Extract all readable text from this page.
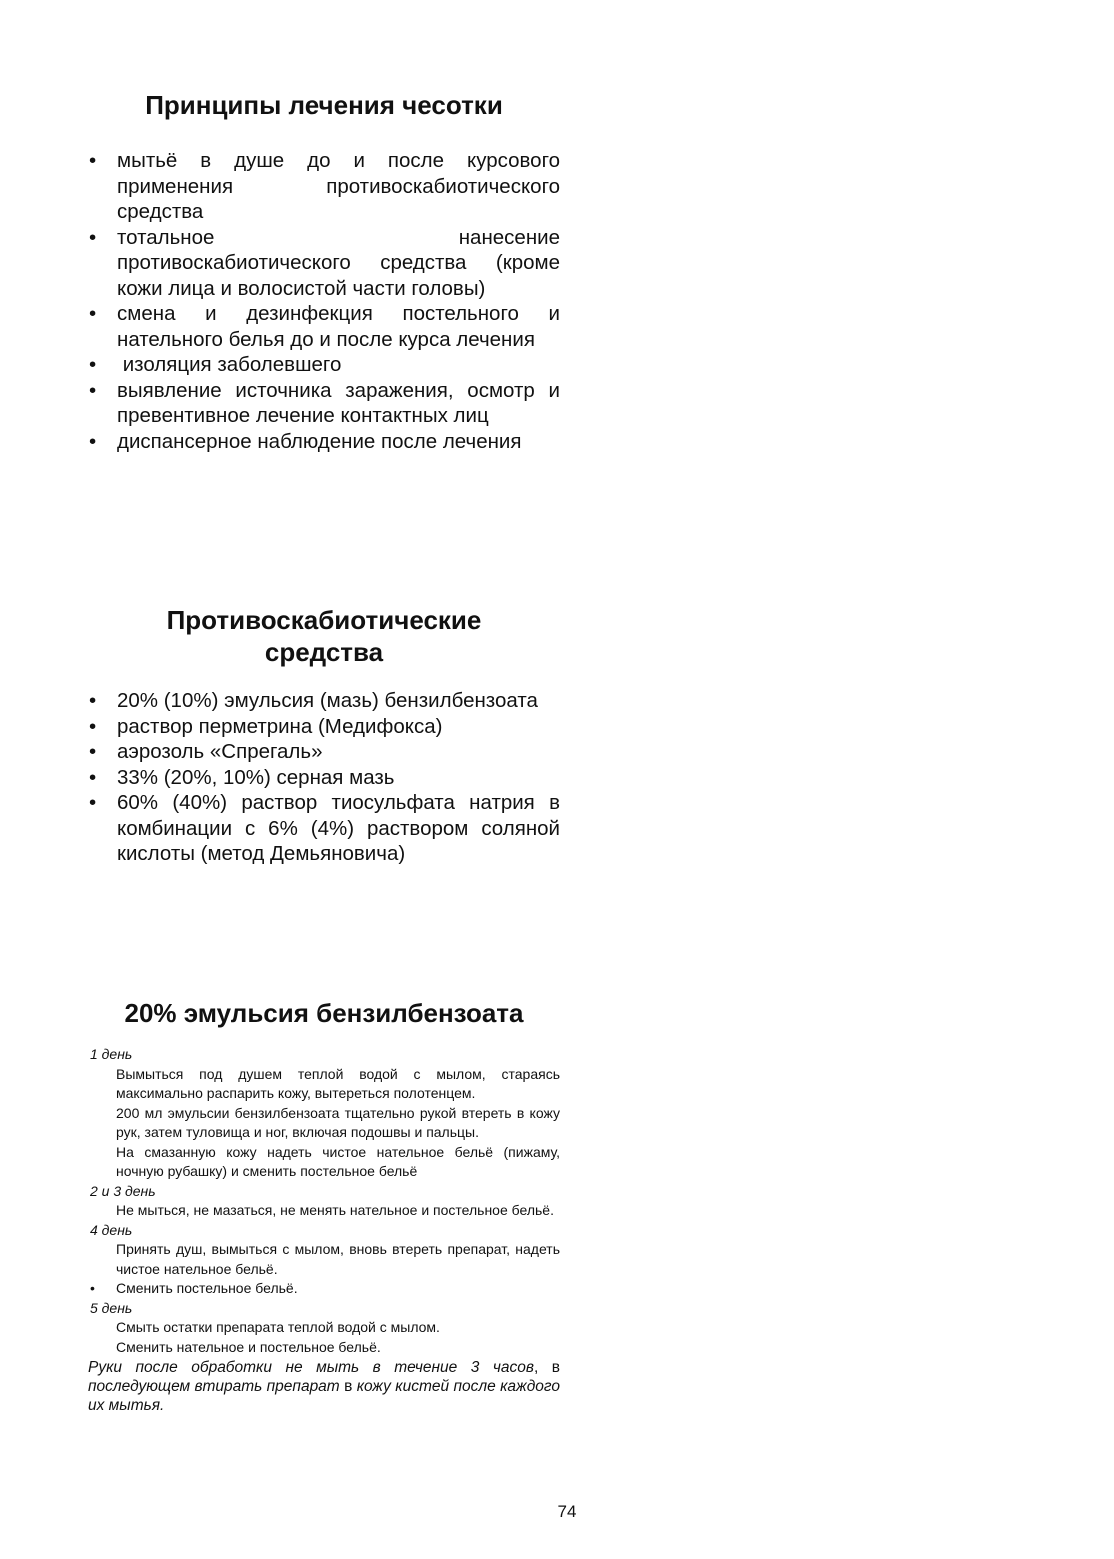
Принципы лечения чесотки
• мытьё в душе до и после курсового применения противоскабиотического средства
• тотальное нанесение противоскабиотического средства (кроме кожи лица и волосистой части головы)
• смена и дезинфекция постельного и нательного белья до и после курса лечения
• изоляция заболевшего
• выявление источника заражения, осмотр и превентивное лечение контактных лиц
• диспансерное наблюдение после лечения
Противоскабиотические
средства
• 20% (10%) эмульсия (мазь) бензилбензоата
• раствор перметрина (Медифокса)
• аэрозоль «Спрегаль»
• 33% (20%, 10%) серная мазь
• 60% (40%) раствор тиосульфата натрия в комбинации с 6% (4%) раствором соляной кислоты (метод Демьяновича)
20% эмульсия бензилбензоата
1 день
Вымыться под душем теплой водой с мылом, стараясь максимально распарить кожу, вытереться полотенцем.
200 мл эмульсии бензилбензоата тщательно рукой втереть в кожу рук, затем туловища и ног, включая подошвы и пальцы.
На смазанную кожу надеть чистое нательное бельё (пижаму, ночную рубашку) и сменить постельное бельё
2 и 3 день
Не мыться, не мазаться, не менять нательное и постельное бельё.
4 день
Принять душ, вымыться с мылом, вновь втереть препарат, надеть чистое нательное бельё.
• Сменить постельное бельё.
5 день
Смыть остатки препарата теплой водой с мылом.
Сменить нательное и постельное бельё.
Руки после обработки не мыть в течение 3 часов, в последующем втирать препарат в кожу кистей после каждого их мытья.
74
